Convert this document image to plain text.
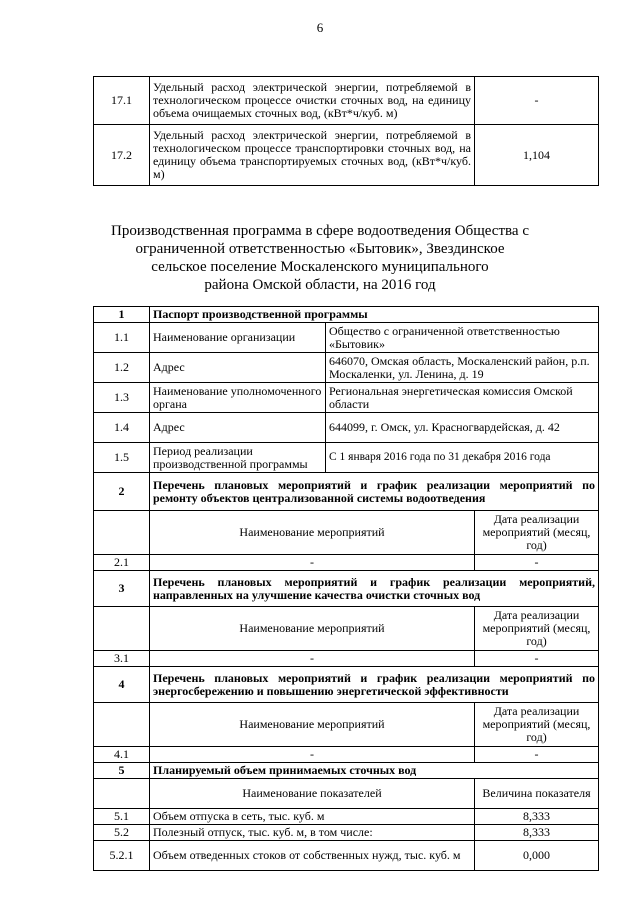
6
17.1	Удельный расход электрической энергии, потребляемой в технологическом процессе очистки сточных вод, на единицу объема очищаемых сточных вод, (кВт*ч/куб. м)	-
17.2	Удельный расход электрической энергии, потребляемой в технологическом процессе транспортировки сточных вод, на единицу объема транспортируемых сточных вод, (кВт*ч/куб. м)	1,104
Производственная программа в сфере водоотведения Общества с
ограниченной ответственностью «Бытовик», Звездинское
сельское поселение Москаленского муниципального
района Омской области, на 2016 год
1	Паспорт производственной программы		
1.1	Наименование организации	Общество с ограниченной ответственностью «Бытовик»	
1.2	Адрес	646070, Омская область, Москаленский район, р.п. Москаленки, ул. Ленина, д. 19	
1.3	Наименование уполномоченного органа	Региональная энергетическая комиссия Омской области	
1.4	Адрес	644099, г. Омск, ул. Красногвардейская, д. 42	
1.5	Период реализации производственной программы	С 1 января 2016 года по 31 декабря 2016 года	
2	Перечень плановых мероприятий и график реализации мероприятий по ремонту объектов централизованной системы водоотведения		
	Наименование мероприятий		Дата реализации мероприятий (месяц, год)
2.1	-		-
3	Перечень плановых мероприятий и график реализации мероприятий, направленных на улучшение качества очистки сточных вод		
	Наименование мероприятий		Дата реализации мероприятий (месяц, год)
3.1	-		-
4	Перечень плановых мероприятий и график реализации мероприятий по энергосбережению и повышению энергетической эффективности		
	Наименование мероприятий		Дата реализации мероприятий (месяц, год)
4.1	-		-
5	Планируемый объем принимаемых сточных вод		
	Наименование показателей		Величина показателя
5.1	Объем отпуска в сеть, тыс. куб. м		8,333
5.2	Полезный отпуск, тыс. куб. м, в том числе:		8,333
5.2.1	Объем отведенных стоков от собственных нужд, тыс. куб. м		0,000
